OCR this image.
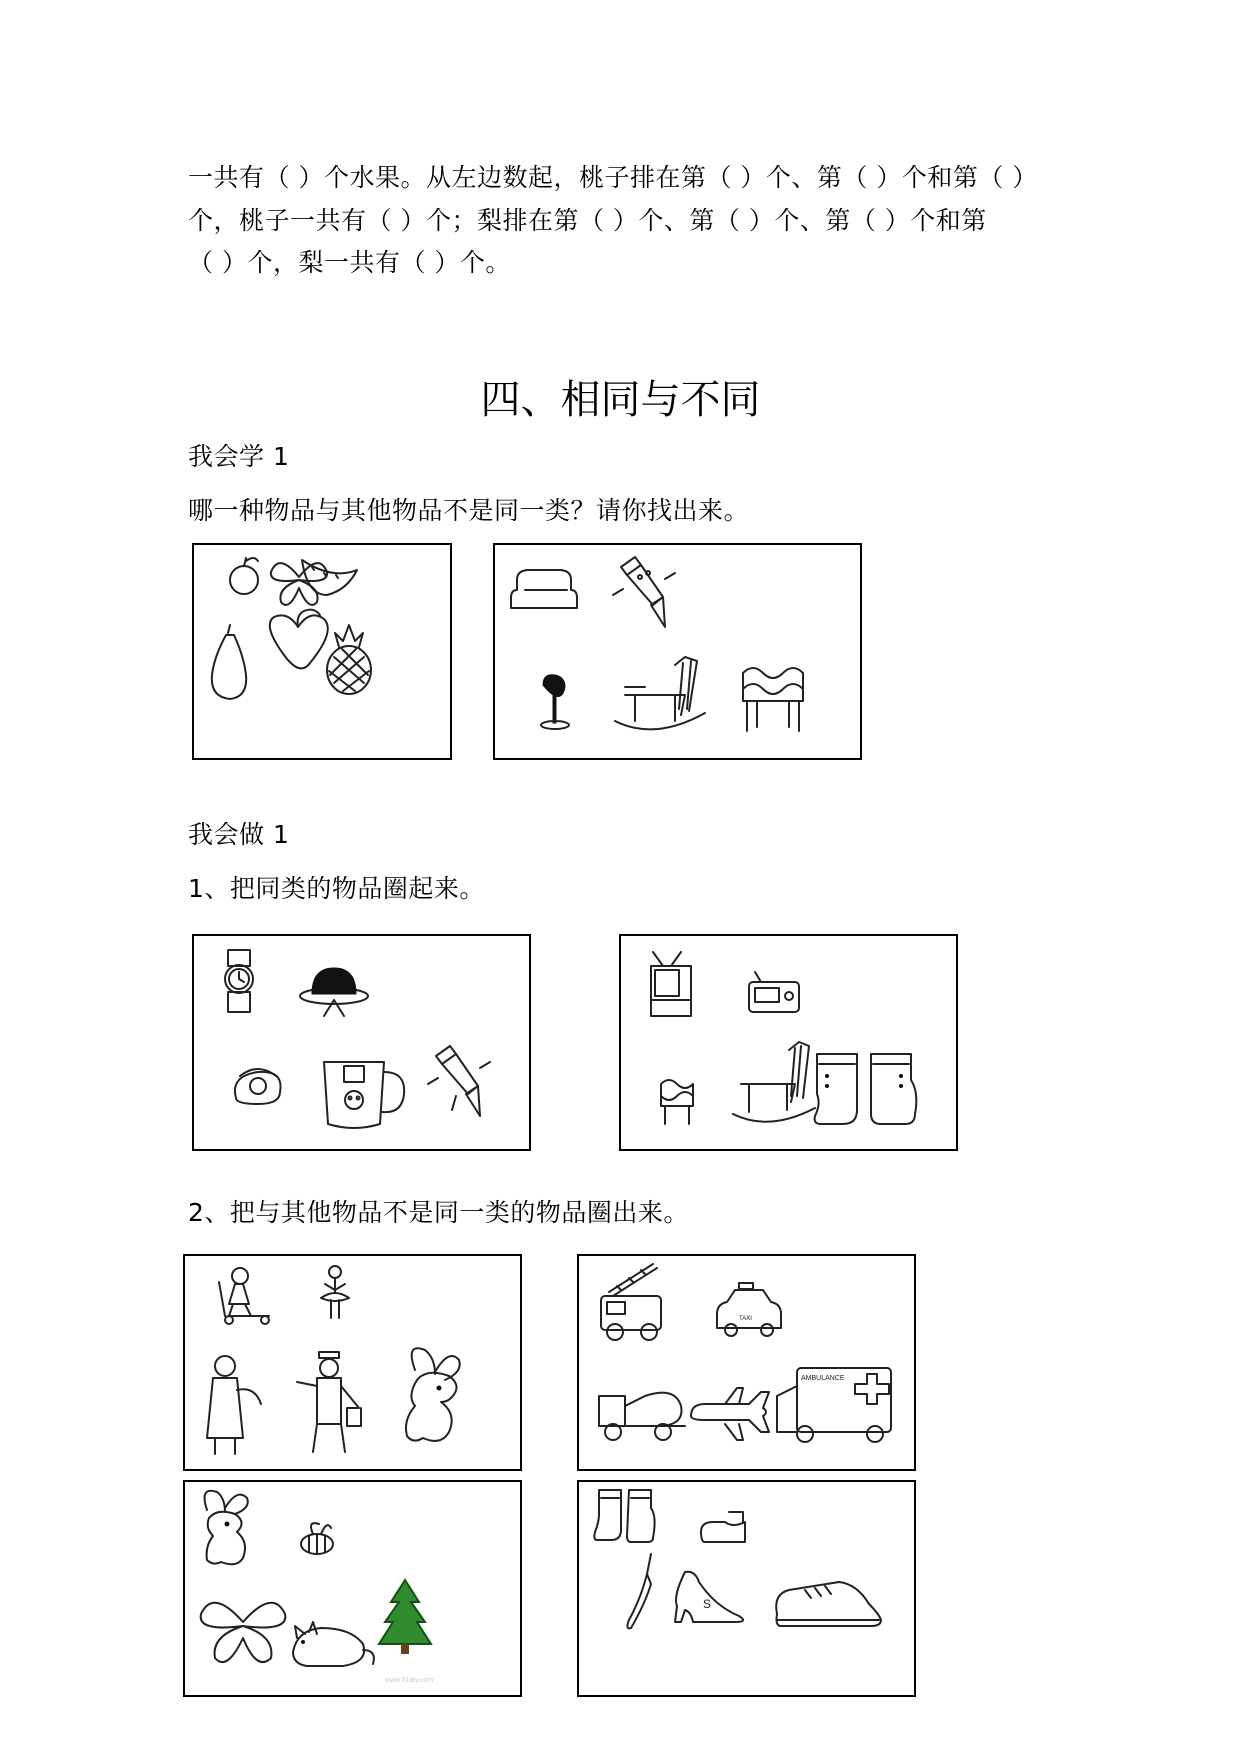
一共有（ ）个水果。从左边数起，桃子排在第（ ）个、第（ ）个和第（ ）
个，桃子一共有（ ）个；梨排在第（ ）个、第（ ）个、第（ ）个和第
（ ）个，梨一共有（ ）个。
四、相同与不同
我会学 1
哪一种物品与其他物品不是同一类？请你找出来。
我会做 1
1、把同类的物品圈起来。
2、把与其他物品不是同一类的物品圈出来。
TAXI
AMBULANCE
www.61diy.com
S
